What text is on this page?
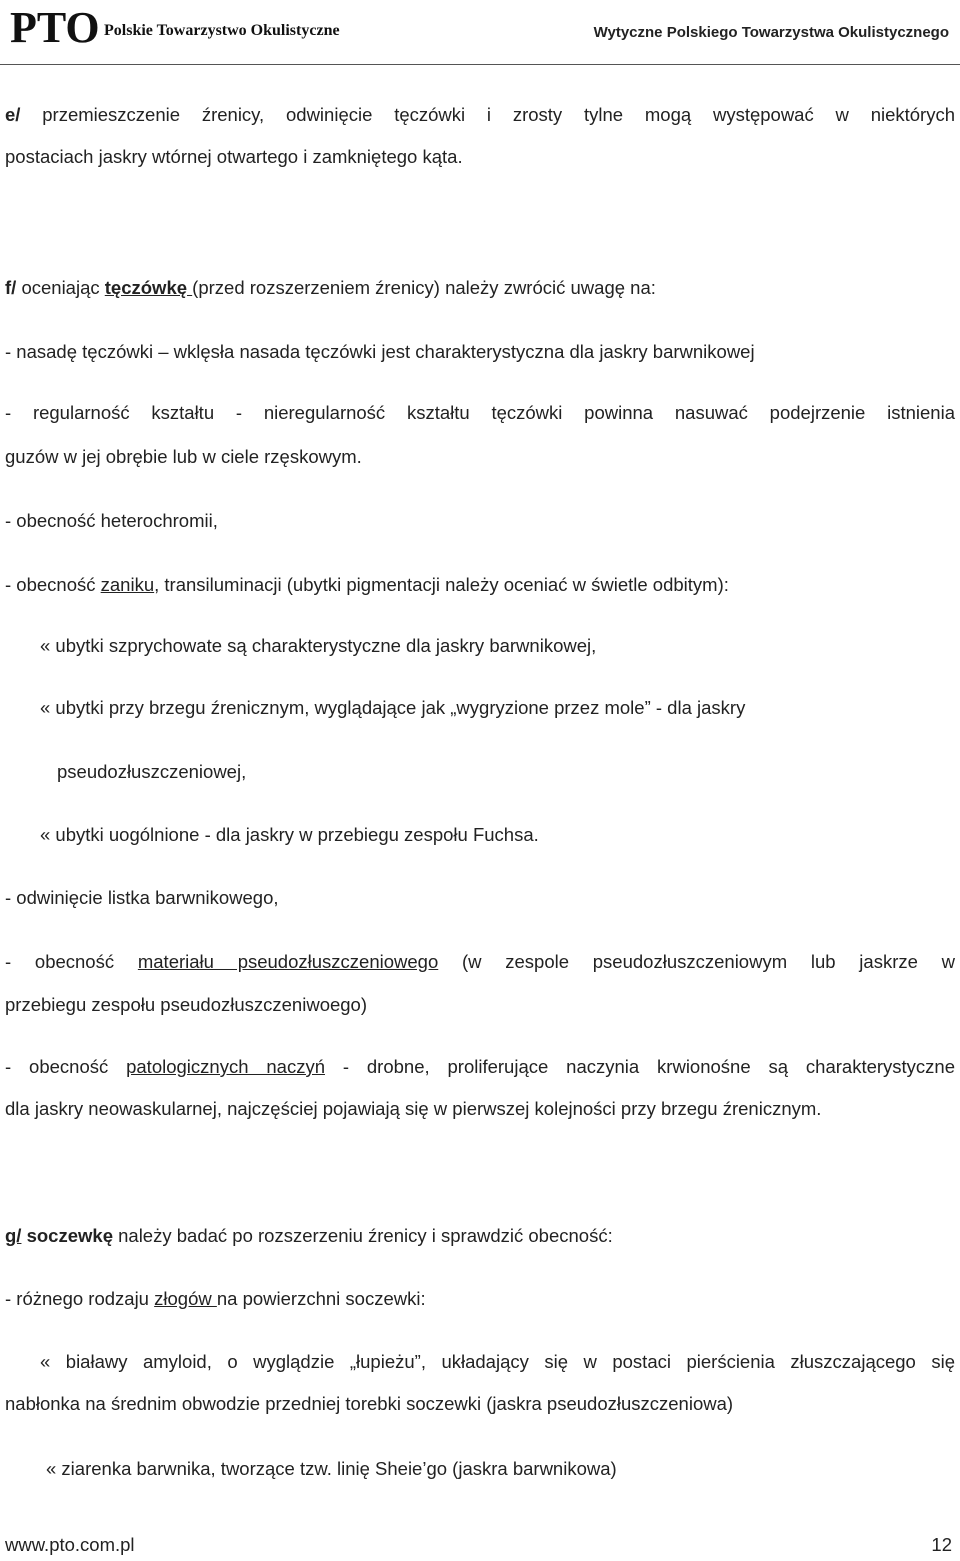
PTO Polskie Towarzystwo Okulistyczne	Wytyczne Polskiego Towarzystwa Okulistycznego
e/ przemieszczenie źrenicy, odwinięcie tęczówki i zrosty tylne mogą występować w niektórych
postaciach jaskry wtórnej otwartego i zamkniętego kąta.
f/ oceniając tęczówkę (przed rozszerzeniem źrenicy) należy zwrócić uwagę na:
- nasadę tęczówki – wklęsła nasada tęczówki jest charakterystyczna dla jaskry barwnikowej
- regularność kształtu - nieregularność kształtu tęczówki powinna nasuwać podejrzenie istnienia
guzów w jej obrębie lub w ciele rzęskowym.
- obecność heterochromii,
- obecność zaniku, transiluminacji (ubytki pigmentacji należy oceniać w świetle odbitym):
« ubytki szprychowate są charakterystyczne dla jaskry barwnikowej,
« ubytki przy brzegu źrenicznym, wyglądające jak „wygryzione przez mole” - dla jaskry
pseudozłuszczeniowej,
« ubytki uogólnione - dla jaskry w przebiegu zespołu Fuchsa.
- odwinięcie listka barwnikowego,
- obecność materiału pseudozłuszczeniowego (w zespole pseudozłuszczeniowym lub jaskrze w
przebiegu zespołu pseudozłuszczeniwoego)
- obecność patologicznych naczyń - drobne, proliferujące naczynia krwionośne są charakterystyczne
dla jaskry neowaskularnej, najczęściej pojawiają się w pierwszej kolejności przy brzegu źrenicznym.
g/ soczewkę należy badać po rozszerzeniu źrenicy i sprawdzić obecność:
- różnego rodzaju złogów na powierzchni soczewki:
« białawy amyloid, o wyglądzie „łupieżu”, układający się w postaci pierścienia złuszczającego się
nabłonka na średnim obwodzie przedniej torebki soczewki (jaskra pseudozłuszczeniowa)
« ziarenka barwnika, tworzące tzw. linię Sheie’go (jaskra barwnikowa)
www.pto.com.pl	12
